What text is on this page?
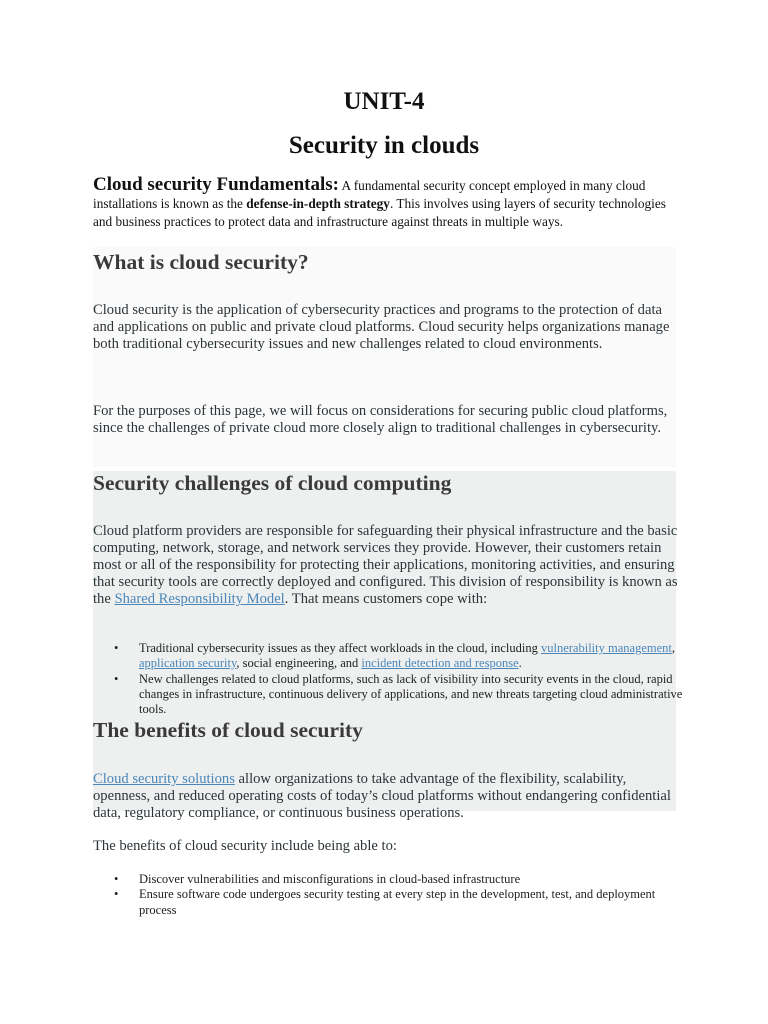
UNIT-4
Security in clouds
Cloud security Fundamentals: A fundamental security concept employed in many cloud installations is known as the defense-in-depth strategy. This involves using layers of security technologies and business practices to protect data and infrastructure against threats in multiple ways.
What is cloud security?
Cloud security is the application of cybersecurity practices and programs to the protection of data and applications on public and private cloud platforms. Cloud security helps organizations manage both traditional cybersecurity issues and new challenges related to cloud environments.
For the purposes of this page, we will focus on considerations for securing public cloud platforms, since the challenges of private cloud more closely align to traditional challenges in cybersecurity.
Security challenges of cloud computing
Cloud platform providers are responsible for safeguarding their physical infrastructure and the basic computing, network, storage, and network services they provide. However, their customers retain most or all of the responsibility for protecting their applications, monitoring activities, and ensuring that security tools are correctly deployed and configured. This division of responsibility is known as the Shared Responsibility Model. That means customers cope with:
• Traditional cybersecurity issues as they affect workloads in the cloud, including vulnerability management, application security, social engineering, and incident detection and response.
• New challenges related to cloud platforms, such as lack of visibility into security events in the cloud, rapid changes in infrastructure, continuous delivery of applications, and new threats targeting cloud administrative tools.
The benefits of cloud security
Cloud security solutions allow organizations to take advantage of the flexibility, scalability, openness, and reduced operating costs of today’s cloud platforms without endangering confidential data, regulatory compliance, or continuous business operations.
The benefits of cloud security include being able to:
• Discover vulnerabilities and misconfigurations in cloud-based infrastructure
• Ensure software code undergoes security testing at every step in the development, test, and deployment process
